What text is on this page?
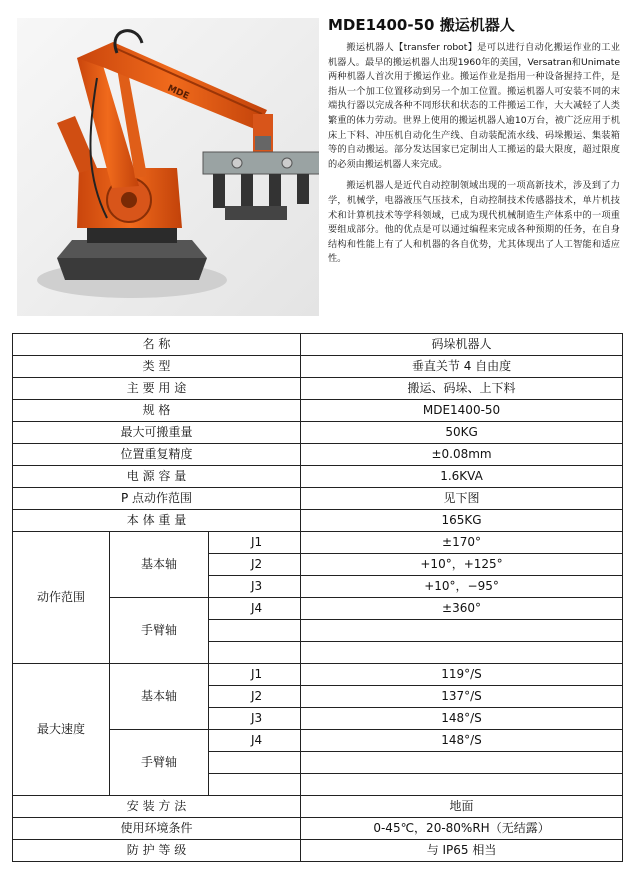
MDE
MDE1400-50 搬运机器人

搬运机器人【transfer robot】是可以进行自动化搬运作业的工业机器人。最早的搬运机器人出现1960年的美国，Versatran和Unimate两种机器人首次用于搬运作业。搬运作业是指用一种设备握持工件，是指从一个加工位置移动到另一个加工位置。搬运机器人可安装不同的末端执行器以完成各种不同形状和状态的工件搬运工作，大大减轻了人类繁重的体力劳动。世界上使用的搬运机器人逾10万台，被广泛应用于机床上下料、冲压机自动化生产线、自动装配流水线、码垛搬运、集装箱等的自动搬运。部分发达国家已定制出人工搬运的最大限度，超过限度的必须由搬运机器人来完成。

搬运机器人是近代自动控制领域出现的一项高新技术，涉及到了力学，机械学，电器液压气压技术，自动控制技术传感器技术，单片机技术和计算机技术等学科领域，已成为现代机械制造生产体系中的一项重要组成部分。他的优点是可以通过编程来完成各种预期的任务，在自身结构和性能上有了人和机器的各自优势，尤其体现出了人工智能和适应性。

名 称			码垛机器人
类 型			垂直关节 4 自由度
主 要 用 途			搬运、码垛、上下料
规 格			MDE1400-50
最大可搬重量			50KG
位置重复精度			±0.08mm
电 源 容 量			1.6KVA
P 点动作范围			见下图
本 体 重 量			165KG
动作范围	基本轴	J1	±170°
		J2	+10°，+125°
		J3	+10°，−95°
	手臂轴	J4	±360°

最大速度	基本轴	J1	119°/S
		J2	137°/S
		J3	148°/S
	手臂轴	J4	148°/S

安 装 方 法			地面
使用环境条件			0-45℃，20-80%RH（无结露）
防 护 等 级			与 IP65 相当
